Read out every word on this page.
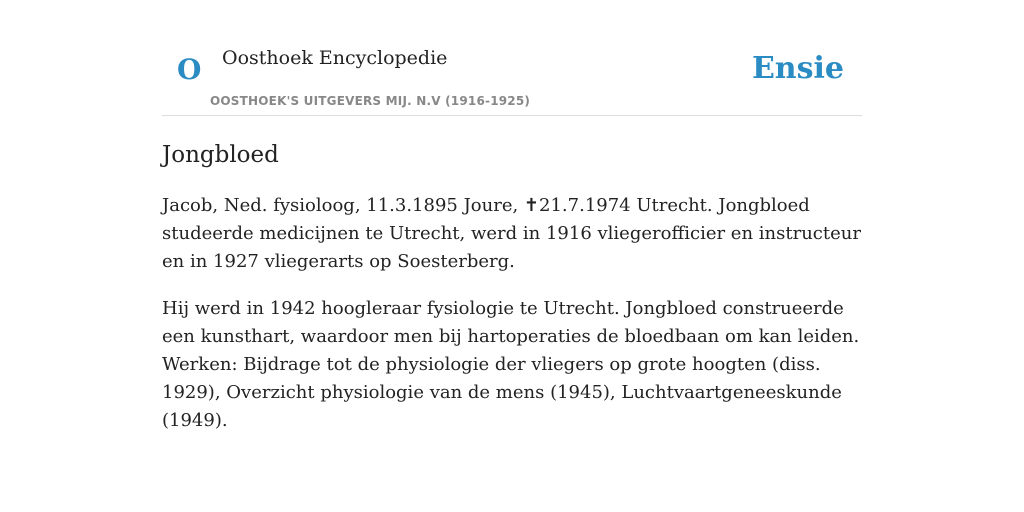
O Oosthoek Encyclopedie
OOSTHOEK'S UITGEVERS MIJ. N.V (1916-1925)
Ensie
Jongbloed

Jacob, Ned. fysioloog, 11.3.1895 Joure, ✝21.7.1974 Utrecht. Jongbloed studeerde medicijnen te Utrecht, werd in 1916 vliegerofficier en instructeur en in 1927 vliegerarts op Soesterberg.

Hij werd in 1942 hoogleraar fysiologie te Utrecht. Jongbloed construeerde een kunsthart, waardoor men bij hartoperaties de bloedbaan om kan leiden. Werken: Bijdrage tot de physiologie der vliegers op grote hoogten (diss. 1929), Overzicht physiologie van de mens (1945), Luchtvaartgeneeskunde (1949).
